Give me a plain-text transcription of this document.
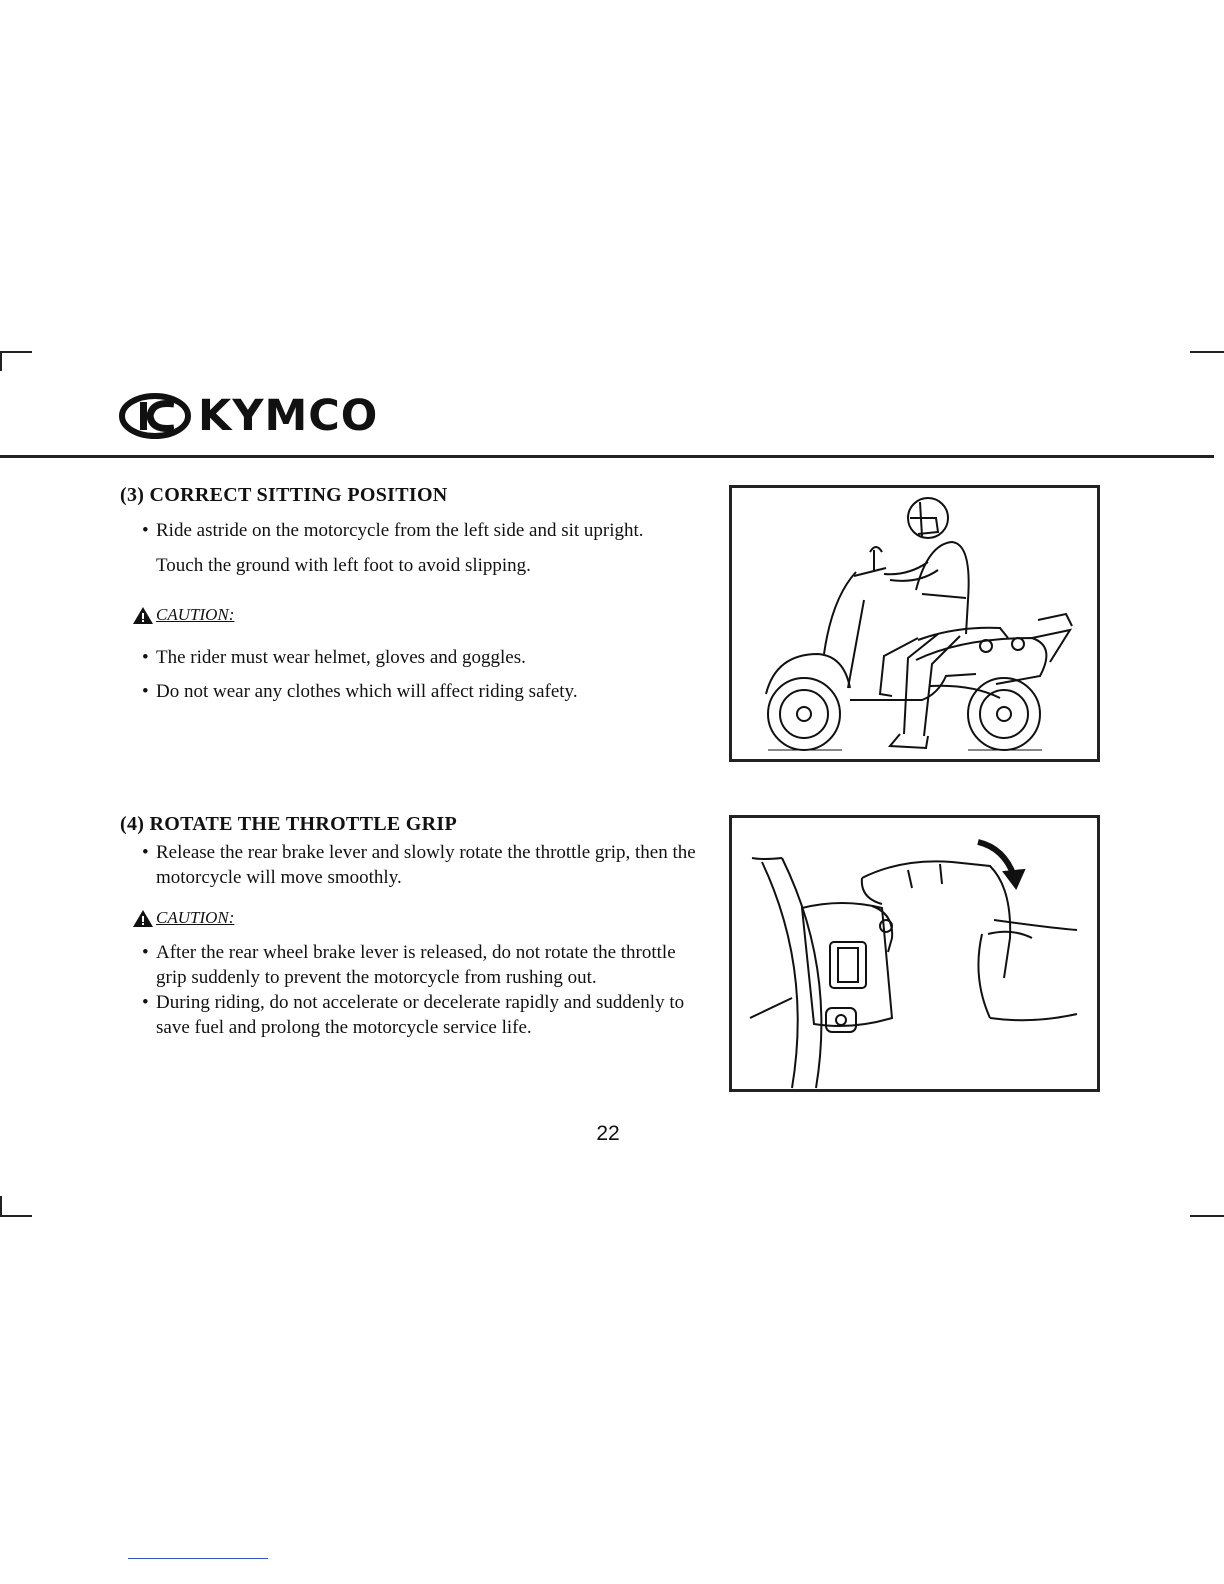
KYMCO

(3) CORRECT SITTING POSITION

• Ride astride on the motorcycle from the left side and sit upright. Touch the ground with left foot to avoid slipping.

CAUTION:

• The rider must wear helmet, gloves and goggles.

• Do not wear any clothes which will affect riding safety.

(4) ROTATE THE THROTTLE GRIP

• Release the rear brake lever and slowly rotate the throttle grip, then the motorcycle will move smoothly.

CAUTION:

• After the rear wheel brake lever is released, do not rotate the throttle grip suddenly to prevent the motorcycle from rushing out.

• During riding, do not accelerate or decelerate rapidly and suddenly to save fuel and prolong the motorcycle service life.

22
